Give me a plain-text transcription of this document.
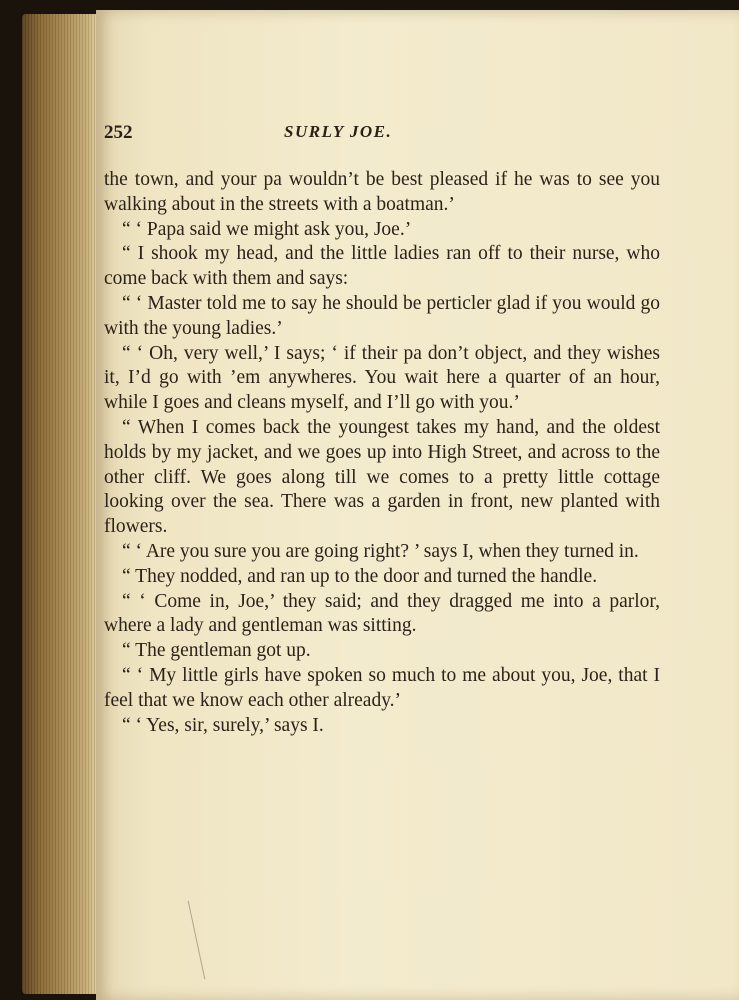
252	SURLY JOE.

the town, and your pa wouldn’t be best pleased if he was to see you walking about in the streets with a boatman.’

“ ‘ Papa said we might ask you, Joe.’

“ I shook my head, and the little ladies ran off to their nurse, who come back with them and says:

“ ‘ Master told me to say he should be perticler glad if you would go with the young ladies.’

“ ‘ Oh, very well,’ I says; ‘ if their pa don’t object, and they wishes it, I’d go with ’em anywheres. You wait here a quarter of an hour, while I goes and cleans myself, and I’ll go with you.’

“ When I comes back the youngest takes my hand, and the oldest holds by my jacket, and we goes up into High Street, and across to the other cliff. We goes along till we comes to a pretty little cottage looking over the sea. There was a garden in front, new planted with flowers.

“ ‘ Are you sure you are going right? ’ says I, when they turned in.

“ They nodded, and ran up to the door and turned the handle.

“ ‘ Come in, Joe,’ they said; and they dragged me into a parlor, where a lady and gentleman was sitting.

“ The gentleman got up.

“ ‘ My little girls have spoken so much to me about you, Joe, that I feel that we know each other already.’

“ ‘ Yes, sir, surely,’ says I.
